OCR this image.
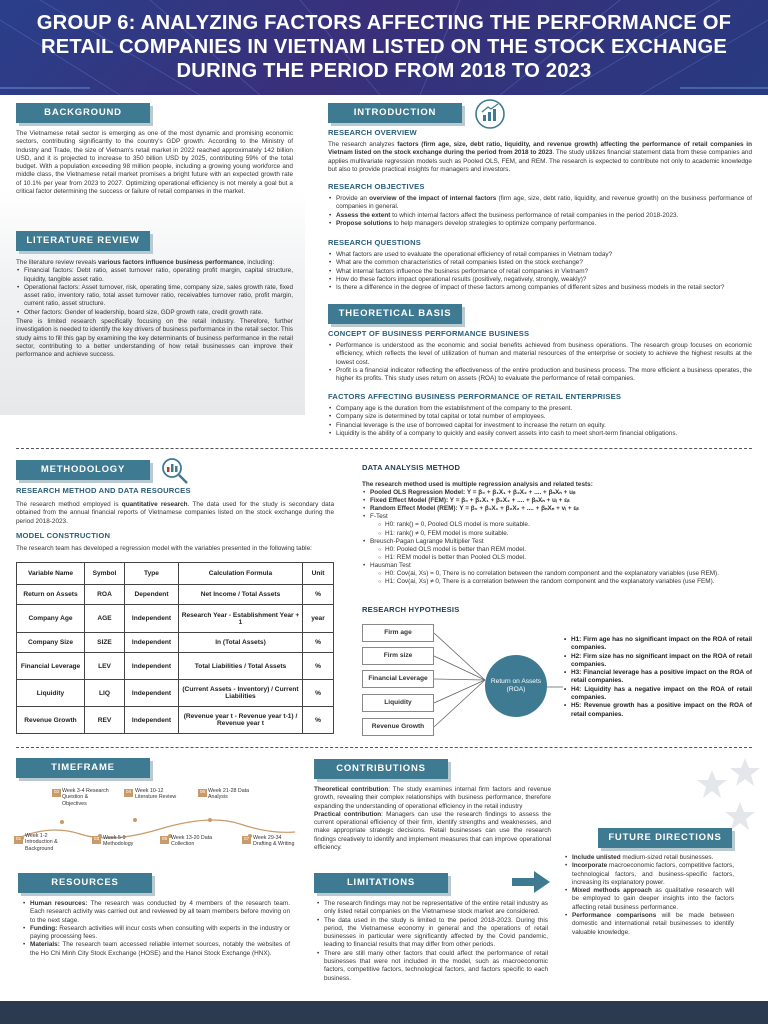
GROUP 6: ANALYZING FACTORS AFFECTING THE PERFORMANCE OF RETAIL COMPANIES IN VIETNAM LISTED ON THE STOCK EXCHANGE DURING THE PERIOD FROM 2018 TO 2023
BACKGROUND
The Vietnamese retail sector is emerging as one of the most dynamic and promising economic sectors, contributing significantly to the country's GDP growth. According to the Ministry of Industry and Trade, the size of Vietnam's retail market in 2022 reached approximately 142 billion USD, and it is projected to increase to 350 billion USD by 2025, contributing 59% of the total budget. With a population exceeding 98 million people, including a growing young workforce and middle class, the Vietnamese retail market promises a bright future with an expected growth rate of 10.1% per year from 2023 to 2027. Optimizing operational efficiency is not merely a goal but a critical factor determining the success or failure of retail companies in the market.
LITERATURE REVIEW
The literature review reveals various factors influence business performance, including:
• Financial factors: Debt ratio, asset turnover ratio, operating profit margin, capital structure, liquidity, tangible asset ratio.
• Operational factors: Asset turnover, risk, operating time, company size, sales growth rate, fixed asset ratio, inventory ratio, total asset turnover ratio, receivables turnover ratio, profit margin, current ratio, asset structure.
• Other factors: Gender of leadership, board size, GDP growth rate, credit growth rate.
There is limited research specifically focusing on the retail industry. Therefore, further investigation is needed to identify the key drivers of business performance in the retail sector. This study aims to fill this gap by examining the key determinants of business performance in the retail sector, contributing to a better understanding of how retail businesses can improve their performance and achieve success.
INTRODUCTION
RESEARCH OVERVIEW
The research analyzes factors (firm age, size, debt ratio, liquidity, and revenue growth) affecting the performance of retail companies in Vietnam listed on the stock exchange during the period from 2018 to 2023. The study utilizes financial statement data from these companies and applies multivariate regression models such as Pooled OLS, FEM, and REM. The research is expected to contribute not only to academic knowledge but also to provide practical insights for managers and investors.
RESEARCH OBJECTIVES
• Provide an overview of the impact of internal factors (firm age, size, debt ratio, liquidity, and revenue growth) on the business performance of companies in general.
• Assess the extent to which internal factors affect the business performance of retail companies in the period 2018-2023.
• Propose solutions to help managers develop strategies to optimize company performance.
RESEARCH QUESTIONS
• What factors are used to evaluate the operational efficiency of retail companies in Vietnam today?
• What are the common characteristics of retail companies listed on the stock exchange?
• What internal factors influence the business performance of retail companies in Vietnam?
• How do these factors impact operational results (positively, negatively, strongly, weakly)?
• Is there a difference in the degree of impact of these factors among companies of different sizes and business models in the retail sector?
THEORETICAL BASIS
CONCEPT OF BUSINESS PERFORMANCE BUSINESS
• Performance is understood as the economic and social benefits achieved from business operations. The research group focuses on economic efficiency, which reflects the level of utilization of human and material resources of the enterprise or society to achieve the highest results at the lowest cost.
• Profit is a financial indicator reflecting the effectiveness of the entire production and business process. The more efficient a business operates, the higher its profits. This study uses return on assets (ROA) to evaluate the performance of retail companies.
FACTORS AFFECTING BUSINESS PERFORMANCE OF RETAIL ENTERPRISES
• Company age is the duration from the establishment of the company to the present.
• Company size is determined by total capital or total number of employees.
• Financial leverage is the use of borrowed capital for investment to increase the return on equity.
• Liquidity is the ability of a company to quickly and easily convert assets into cash to meet short-term financial obligations.
METHODOLOGY
RESEARCH METHOD AND DATA RESOURCES
The research method employed is quantitative research. The data used for the study is secondary data obtained from the annual financial reports of Vietnamese companies listed on the stock exchange during the period 2018-2023.
MODEL CONSTRUCTION
The research team has developed a regression model with the variables presented in the following table:
Variable Name	Symbol	Type	Calculation Formula	Unit
Return on Assets	ROA	Dependent	Net Income / Total Assets	%
Company Age	AGE	Independent	Research Year - Establishment Year + 1	year
Company Size	SIZE	Independent	ln (Total Assets)	%
Financial Leverage	LEV	Independent	Total Liabilities / Total Assets	%
Liquidity	LIQ	Independent	(Current Assets - Inventory) / Current Liabilities	%
Revenue Growth	REV	Independent	(Revenue year t - Revenue year t-1) / Revenue year t	%
DATA ANALYSIS METHOD
The research method used is multiple regression analysis and related tests:
• Pooled OLS Regression Model: Y = β₀ + β₁X₁ + β₂X₂ + .... + βₙXₙ + uᵢₜ
• Fixed Effect Model (FEM): Y = β₀ + β₁X₁ + β₂X₂ + .... + βₙXₙ + uᵢ + εᵢₜ
• Random Effect Model (REM): Y = β₀ + β₁X₁ + β₂X₂ + .... + βₙXₙ + vᵢ + εᵢₜ
• F-Test
○ H0: rank() = 0, Pooled OLS model is more suitable.
○ H1: rank() ≠ 0, FEM model is more suitable.
• Breusch-Pagan Lagrange Multiplier Test
○ H0: Pooled OLS model is better than REM model.
○ H1: REM model is better than Pooled OLS model.
• Hausman Test
○ H0: Cov(ai, Xs) = 0, There is no correlation between the random component and the explanatory variables (use REM).
○ H1: Cov(ai, Xs) ≠ 0, There is a correlation between the random component and the explanatory variables (use FEM).
RESEARCH HYPOTHESIS
Firm age
Firm size
Financial Leverage
Liquidity
Revenue Growth
Return on Assets (ROA)
• H1: Firm age has no significant impact on the ROA of retail companies.
• H2: Firm size has no significant impact on the ROA of retail companies.
• H3: Financial leverage has a positive impact on the ROA of retail companies.
• H4: Liquidity has a negative impact on the ROA of retail companies.
• H5: Revenue growth has a positive impact on the ROA of retail companies.
TIMEFRAME
02 Week 3-4 Research Question & Objectives
04 Week 10-12 Literature Review
06 Week 21-28 Data Analysis
01
Week 1-2 Introduction & Background
03 Week 5-9 Methodology
05 Week 13-20 Data Collection
07 Week 29-34 Drafting & Writing
RESOURCES
• Human resources: The research was conducted by 4 members of the research team. Each research activity was carried out and reviewed by all team members before moving on to the next stage.
• Funding: Research activities will incur costs when consulting with experts in the industry or paying processing fees.
• Materials: The research team accessed reliable internet sources, notably the websites of the Ho Chi Minh City Stock Exchange (HOSE) and the Hanoi Stock Exchange (HNX).
CONTRIBUTIONS
Theoretical contribution: The study examines internal firm factors and revenue growth, revealing their complex relationships with business performance, therefore expanding the understanding of operational efficiency in the retail industry
Practical contribution: Managers can use the research findings to assess the current operational efficiency of their firm, identify strengths and weaknesses, and make appropriate strategic decisions. Retail businesses can use the research findings creatively to identify and implement measures that can improve operational efficiency.
LIMITATIONS
• The research findings may not be representative of the entire retail industry as only listed retail companies on the Vietnamese stock market are considered.
• The data used in the study is limited to the period 2018-2023. During this period, the Vietnamese economy in general and the operations of retail businesses in particular were significantly affected by the Covid pandemic, leading to financial results that may differ from other periods.
• There are still many other factors that could affect the performance of retail businesses that were not included in the model, such as macroeconomic factors, competitive factors, technological factors, and factors specific to each business.
FUTURE DIRECTIONS
• Include unlisted medium-sized retail businesses.
• Incorporate macroeconomic factors, competitive factors, technological factors, and business-specific factors, increasing its explanatory power.
• Mixed methods approach as qualitative research will be employed to gain deeper insights into the factors affecting retail business performance.
• Performance comparisons will be made between domestic and international retail businesses to identify valuable knowledge.
